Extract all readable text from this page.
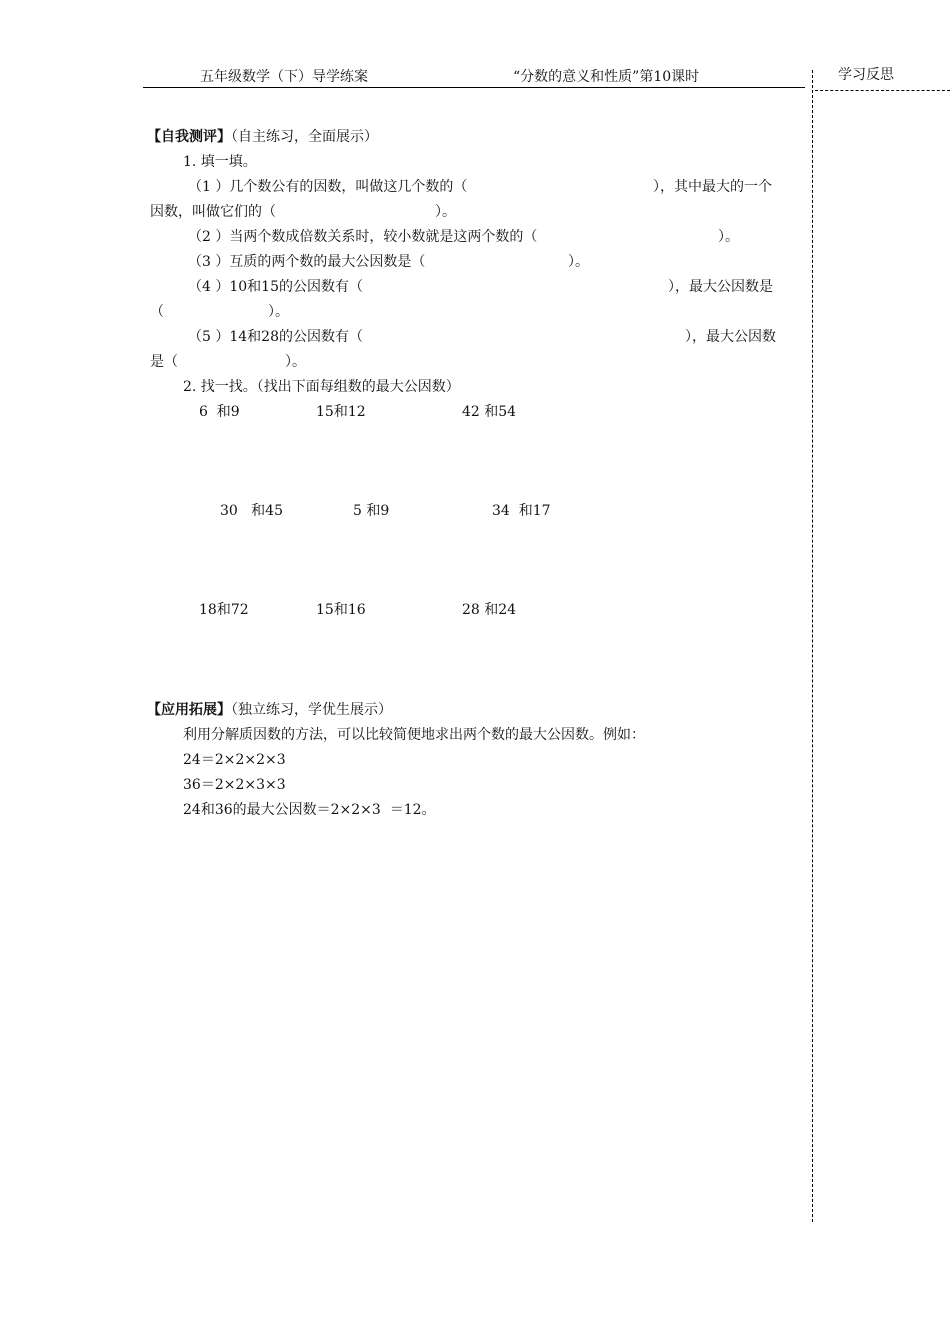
五年级数学（下）导学练案	“分数的意义和性质”第10课时	学习反思
【自我测评】（自主练习，全面展示）
1. 填一填。
（1 ）几个数公有的因数，叫做这几个数的（	），其中最大的一个
因数，叫做它们的（	）。
（2 ）当两个数成倍数关系时，较小数就是这两个数的（	）。
（3 ）互质的两个数的最大公因数是（	）。
（4 ）10和15的公因数有（	），最大公因数是
（	）。
（5 ）14和28的公因数有（	），最大公因数
是（	）。
2. 找一找。（找出下面每组数的最大公因数）
6  和9	15和12	42 和54
30   和45	5 和9	34  和17
18和72	15和16	28 和24
【应用拓展】（独立练习，学优生展示）
利用分解质因数的方法，可以比较简便地求出两个数的最大公因数。例如：
24＝2×2×2×3
36＝2×2×3×3
24和36的最大公因数＝2×2×3  ＝12。
